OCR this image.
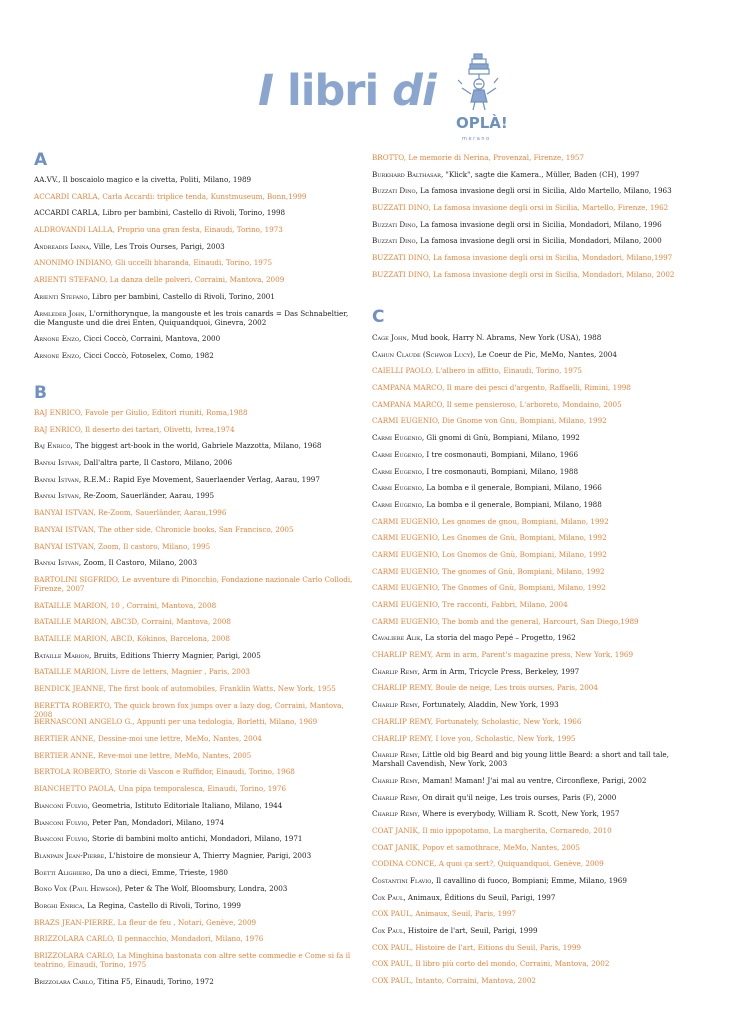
I libri di
OPLÀ!
m e r a n o
A
AA.VV., Il boscaiolo magico e la civetta, Politi, Milano, 1989
ACCARDI CARLA, Carla Accardi: triplice tenda, Kunstmuseum, Bonn,1999
ACCARDI CARLA, Libro per bambini, Castello di Rivoli, Torino, 1998
ALDROVANDI LALLA, Proprio una gran festa, Einaudi, Torino, 1973
Andreadis Ianna, Ville, Les Trois Ourses, Parigi, 2003
ANONIMO INDIANO, Gli uccelli bharanda, Einaudi, Torino, 1975
ARIENTI STEFANO, La danza delle polveri, Corraini, Mantova, 2009
Arienti Stefano, Libro per bambini, Castello di Rivoli, Torino, 2001
Armleder John, L'ornithorynque, la mangouste et les trois canards = Das Schnabeltier, die Manguste und die drei Enten, Quiquandquoi, Ginevra, 2002
Arnone Enzo, Cicci Coccò, Corraini, Mantova, 2000
Arnone Enzo, Cicci Coccò, Fotoselex, Como, 1982
B
BAJ ENRICO, Favole per Giulio, Editori riuniti, Roma,1988
BAJ ENRICO, Il deserto dei tartari, Olivetti, Ivrea,1974
Baj Enrico, The biggest art-book in the world, Gabriele Mazzotta, Milano, 1968
Banyai Istvan, Dall'altra parte, Il Castoro, Milano, 2006
Banyai Istvan, R.E.M.: Rapid Eye Movement, Sauerlaender Verlag, Aarau, 1997
Banyai Istvan, Re-Zoom, Sauerländer, Aarau, 1995
BANYAI ISTVAN, Re-Zoom, Sauerländer, Aarau,1996
BANYAI ISTVAN, The other side, Chronicle books, San Francisco, 2005
BANYAI ISTVAN, Zoom, Il castoro, Milano, 1995
Banyai Istvan, Zoom, Il Castoro, Milano, 2003
BARTOLINI SIGFRIDO, Le avventure di Pinocchio, Fondazione nazionale Carlo Collodi, Firenze, 2007
BATAILLE MARION, 10 , Corraini, Mantova, 2008
BATAILLE MARION, ABC3D, Corraini, Mantova, 2008
BATAILLE MARION, ABCD, Kókinos, Barcelona, 2008
Bataille Marion, Bruits, Editions Thierry Magnier, Parigi, 2005
BATAILLE MARION, Livre de letters, Magnier , Paris, 2003
BENDICK JEANNE, The first book of automobiles, Franklin Watts, New York, 1955
BERETTA ROBERTO, The quick brown fox jumps over a lazy dog, Corraini, Mantova, 2008
BERNASCONI ANGELO G., Appunti per una tedologia, Borletti, Milano, 1969
BERTIER ANNE, Dessine-moi une lettre, MeMo, Nantes, 2004
BERTIER ANNE, Reve-moi une lettre, MeMo, Nantes, 2005
BERTOLA ROBERTO, Storie di Vascon e Ruffidor, Einaudi, Torino, 1968
BIANCHETTO PAOLA, Una pipa temporalesca, Einaudi, Torino, 1976
Bianconi Fulvio, Geometria, Istituto Editoriale Italiano, Milano, 1944
Bianconi Fulvio, Peter Pan, Mondadori, Milano, 1974
Bianconi Fulvio, Storie di bambini molto antichi, Mondadori, Milano, 1971
Blanpain Jean-Pierre, L'histoire de monsieur A, Thierry Magnier, Parigi, 2003
Boetti Alighiero, Da uno a dieci, Emme, Trieste, 1980
Bono Vox (Paul Hewson), Peter & The Wolf, Bloomsbury, Londra, 2003
Borghi Enrica, La Regina, Castello di Rivoli, Torino, 1999
BRAZS JEAN-PIERRE, La fleur de feu , Notari, Genève, 2009
BRIZZOLARA CARLO, Il pennacchio, Mondadori, Milano, 1976
BRIZZOLARA CARLO, La Minghina bastonata con altre sette commedie e Come si fa il teatrino, Einaudi, Torino, 1975
Brizzolara Carlo, Titina F5, Einaudi, Torino, 1972
BROTTO, Le memorie di Nerina, Provenzal, Firenze, 1957
Burkhard Balthasar, "Klick", sagte die Kamera., Müller, Baden (CH), 1997
Buzzati Dino, La famosa invasione degli orsi in Sicilia, Aldo Martello, Milano, 1963
BUZZATI DINO, La famosa invasione degli orsi in Sicilia, Martello, Firenze, 1962
Buzzati Dino, La famosa invasione degli orsi in Sicilia, Mondadori, Milano, 1996
Buzzati Dino, La famosa invasione degli orsi in Sicilia, Mondadori, Milano, 2000
BUZZATI DINO, La famosa invasione degli orsi in Sicilia, Mondadori, Milano,1997
BUZZATI DINO, La famosa invasione degli orsi in Sicilia, Mondadori, Milano, 2002
C
Cage John, Mud book, Harry N. Abrams, New York (USA), 1988
Cahun Claude (Schwob Lucy), Le Coeur de Pic, MeMo, Nantes, 2004
CAIELLI PAOLO, L'albero in affitto, Einaudi, Torino, 1975
CAMPANA MARCO, Il mare dei pesci d'argento, Raffaelli, Rimini, 1998
CAMPANA MARCO, Il seme pensieroso, L'arboreto, Mondaino, 2005
CARMI EUGENIO, Die Gnome von Gnu, Bompiani, Milano, 1992
Carmi Eugenio, Gli gnomi di Gnù, Bompiani, Milano, 1992
Carmi Eugenio, I tre cosmonauti, Bompiani, Milano, 1966
Carmi Eugenio, I tre cosmonauti, Bompiani, Milano, 1988
Carmi Eugenio, La bomba e il generale, Bompiani, Milano, 1966
Carmi Eugenio, La bomba e il generale, Bompiani, Milano, 1988
CARMI EUGENIO, Les gnomes de gnou, Bompiani, Milano, 1992
CARMI EUGENIO, Les Gnomes de Gnù, Bompiani, Milano, 1992
CARMI EUGENIO, Los Gnomos de Gnù, Bompiani, Milano, 1992
CARMI EUGENIO, The gnomes of Gnù, Bompiani, Milano, 1992
CARMI EUGENIO, The Gnomes of Gnù, Bompiani, Milano, 1992
CARMI EUGENIO, Tre racconti, Fabbri, Milano, 2004
CARMI EUGENIO, The bomb and the general, Harcourt, San Diego,1989
Cavaliere Alik, La storia del mago Pepé – Progetto, 1962
CHARLIP REMY, Arm in arm, Parent's magazine press, New York, 1969
Charlip Remy, Arm in Arm, Tricycle Press, Berkeley, 1997
CHARLIP REMY, Boule de neige, Les trois ourses, Paris, 2004
Charlip Remy, Fortunately, Aladdin, New York, 1993
CHARLIP REMY, Fortunately, Scholastic, New York, 1966
CHARLIP REMY, I love you, Scholastic, New York, 1995
Charlip Remy, Little old big Beard and big young little Beard: a short and tall tale, Marshall Cavendish, New York, 2003
Charlip Remy, Maman! Maman! J'ai mal au ventre, Circonflexe, Parigi, 2002
Charlip Remy, On dirait qu'il neige, Les trois ourses, Paris (F), 2000
Charlip Remy, Where is everybody, William R. Scott, New York, 1957
COAT JANIK, Il mio ippopotamo, La margherita, Cornaredo, 2010
COAT JANIK, Popov et samothrace, MeMo, Nantes, 2005
CODINA CONCE, A quoi ça sert?, Quiquandquoi, Genève, 2009
Costantini Flavio, Il cavallino di fuoco, Bompiani; Emme, Milano, 1969
Cox Paul, Animaux, Éditions du Seuil, Parigi, 1997
COX PAUL, Animaux, Seuil, Paris, 1997
Cox Paul, Histoire de l'art, Seuil, Parigi, 1999
COX PAUL, Histoire de l'art, Eitions du Seuil, Paris, 1999
COX PAUL, Il libro più corto del mondo, Corraini, Mantova, 2002
COX PAUL, Intanto, Corraini, Mantova, 2002
